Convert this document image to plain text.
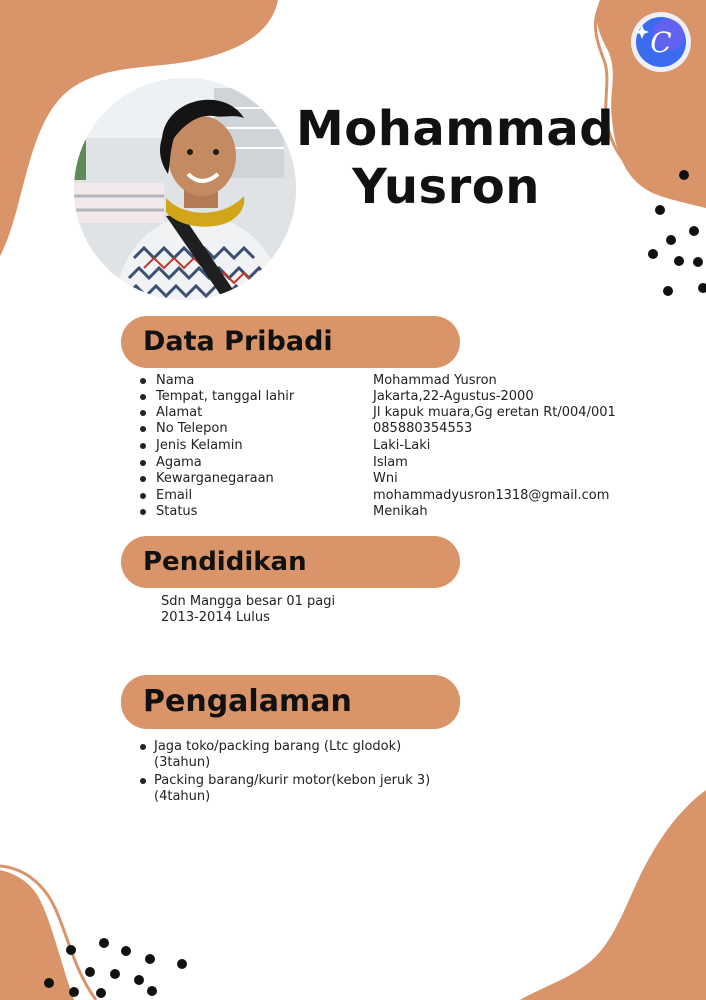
Mohammad
Yusron
C
Data Pribadi
Nama	Mohammad Yusron
Tempat, tanggal lahir	Jakarta,22-Agustus-2000
Alamat	Jl kapuk muara,Gg eretan Rt/004/001
No Telepon	085880354553
Jenis Kelamin	Laki-Laki
Agama	Islam
Kewarganegaraan	Wni
Email	mohammadyusron1318@gmail.com
Status	Menikah
Pendidikan
Sdn Mangga besar 01 pagi
2013-2014 Lulus
Pengalaman
Jaga toko/packing barang (Ltc glodok)
(3tahun)
Packing barang/kurir motor(kebon jeruk 3)
(4tahun)
